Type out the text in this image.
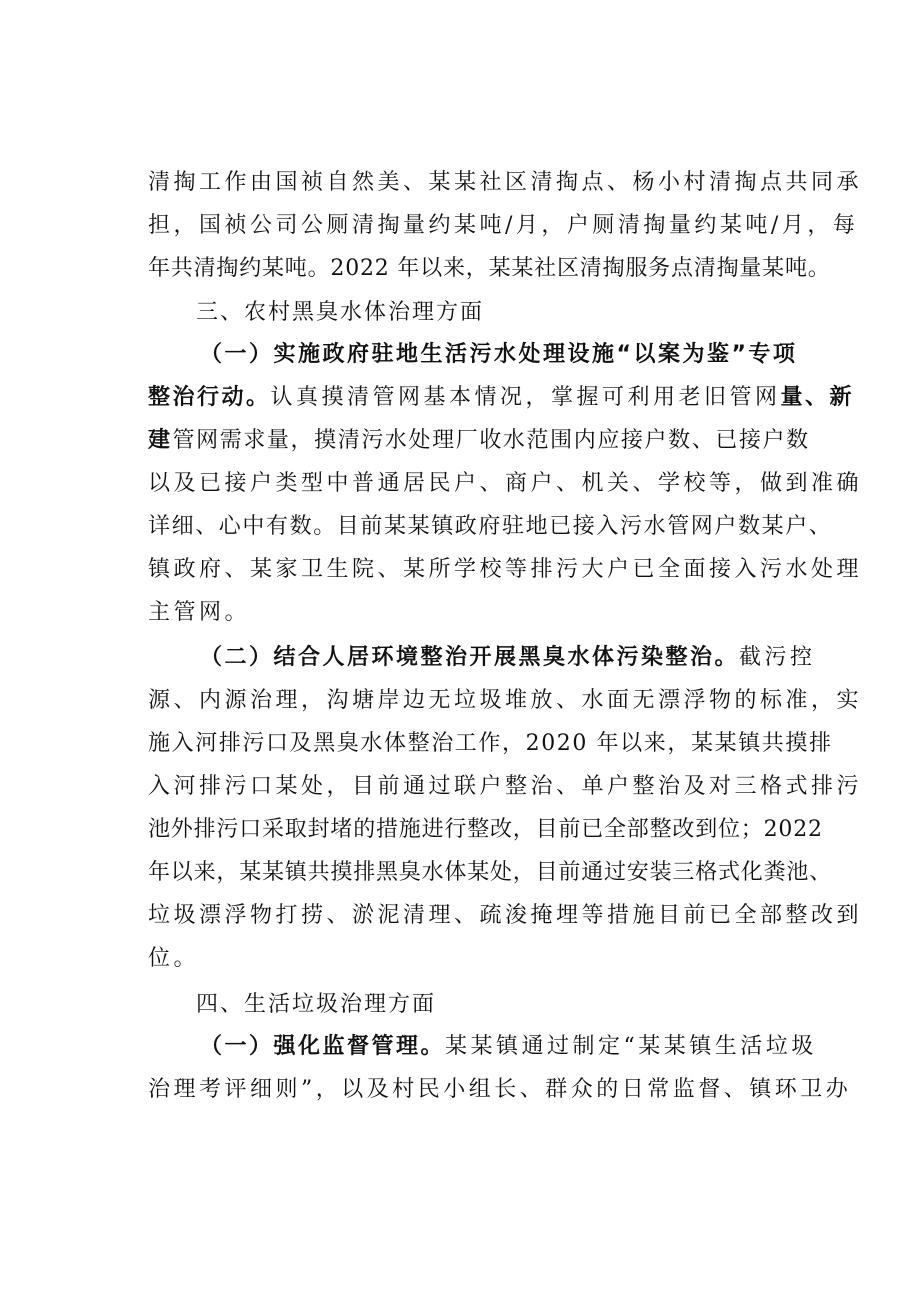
清掏工作由国祯自然美、某某社区清掏点、杨小村清掏点共同承
担，国祯公司公厕清掏量约某吨/月，户厕清掏量约某吨/月，每
年共清掏约某吨。2022 年以来，某某社区清掏服务点清掏量某吨。
三、农村黑臭水体治理方面
（一）实施政府驻地生活污水处理设施“以案为鉴”专项
整治行动。认真摸清管网基本情况，掌握可利用老旧管网量、新
建管网需求量，摸清污水处理厂收水范围内应接户数、已接户数
以及已接户类型中普通居民户、商户、机关、学校等，做到准确
详细、心中有数。目前某某镇政府驻地已接入污水管网户数某户、
镇政府、某家卫生院、某所学校等排污大户已全面接入污水处理
主管网。
（二）结合人居环境整治开展黑臭水体污染整治。截污控
源、内源治理，沟塘岸边无垃圾堆放、水面无漂浮物的标准，实
施入河排污口及黑臭水体整治工作，2020 年以来，某某镇共摸排
入河排污口某处，目前通过联户整治、单户整治及对三格式排污
池外排污口采取封堵的措施进行整改，目前已全部整改到位；2022
年以来，某某镇共摸排黑臭水体某处，目前通过安装三格式化粪池、
垃圾漂浮物打捞、淤泥清理、疏浚掩埋等措施目前已全部整改到
位。
四、生活垃圾治理方面
（一）强化监督管理。某某镇通过制定“某某镇生活垃圾
治理考评细则”，以及村民小组长、群众的日常监督、镇环卫办
